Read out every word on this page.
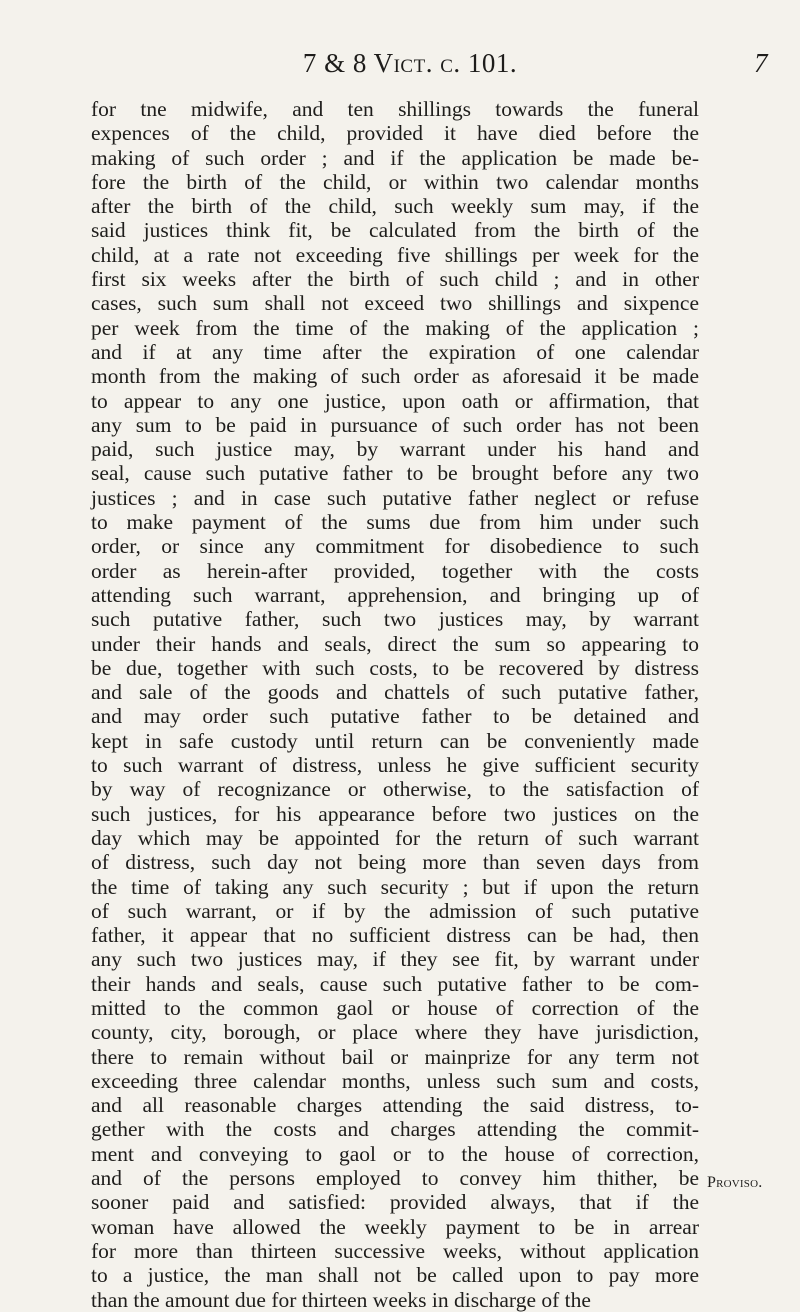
7 & 8 Vict. c. 101.	7
for tne midwife, and ten shillings towards the funeral
expences of the child, provided it have died before the
making of such order ; and if the application be made be-
fore the birth of the child, or within two calendar months
after the birth of the child, such weekly sum may, if the
said justices think fit, be calculated from the birth of the
child, at a rate not exceeding five shillings per week for the
first six weeks after the birth of such child ; and in other
cases, such sum shall not exceed two shillings and sixpence
per week from the time of the making of the application ;
and if at any time after the expiration of one calendar
month from the making of such order as aforesaid it be made
to appear to any one justice, upon oath or affirmation, that
any sum to be paid in pursuance of such order has not been
paid, such justice may, by warrant under his hand and
seal, cause such putative father to be brought before any two
justices ; and in case such putative father neglect or refuse
to make payment of the sums due from him under such
order, or since any commitment for disobedience to such
order as herein-after provided, together with the costs
attending such warrant, apprehension, and bringing up of
such putative father, such two justices may, by warrant
under their hands and seals, direct the sum so appearing to
be due, together with such costs, to be recovered by distress
and sale of the goods and chattels of such putative father,
and may order such putative father to be detained and
kept in safe custody until return can be conveniently made
to such warrant of distress, unless he give sufficient security
by way of recognizance or otherwise, to the satisfaction of
such justices, for his appearance before two justices on the
day which may be appointed for the return of such warrant
of distress, such day not being more than seven days from
the time of taking any such security ; but if upon the return
of such warrant, or if by the admission of such putative
father, it appear that no sufficient distress can be had, then
any such two justices may, if they see fit, by warrant under
their hands and seals, cause such putative father to be com-
mitted to the common gaol or house of correction of the
county, city, borough, or place where they have jurisdiction,
there to remain without bail or mainprize for any term not
exceeding three calendar months, unless such sum and costs,
and all reasonable charges attending the said distress, to-
gether with the costs and charges attending the commit-
ment and conveying to gaol or to the house of correction,
and of the persons employed to convey him thither, be
sooner paid and satisfied: provided always, that if the
woman have allowed the weekly payment to be in arrear
for more than thirteen successive weeks, without application
to a justice, the man shall not be called upon to pay more
than the amount due for thirteen weeks in discharge of the
Proviso.
